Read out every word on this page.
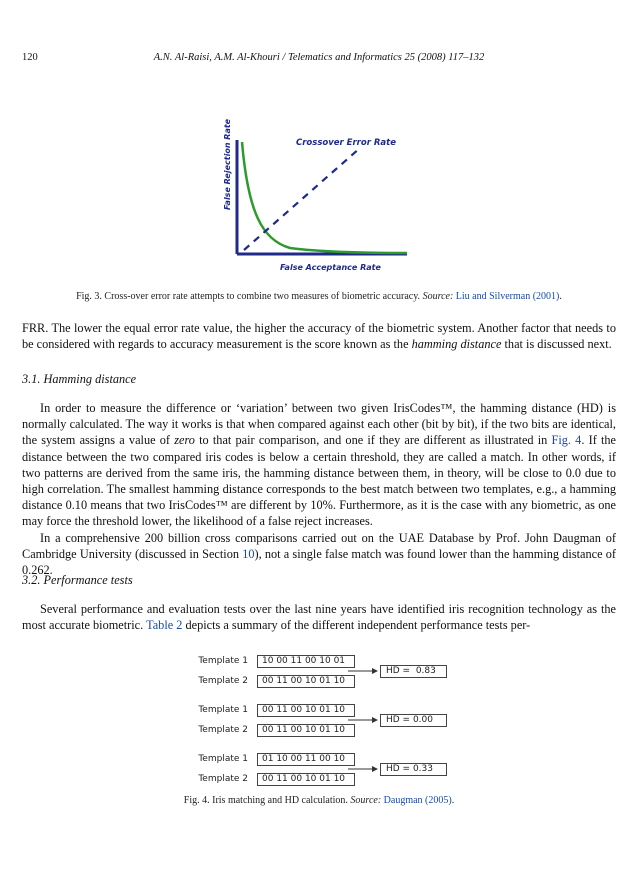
120	A.N. Al-Raisi, A.M. Al-Khouri / Telematics and Informatics 25 (2008) 117–132
Crossover Error Rate
False Rejection Rate
False Acceptance Rate
Fig. 3. Cross-over error rate attempts to combine two measures of biometric accuracy. Source: Liu and Silverman (2001).

FRR. The lower the equal error rate value, the higher the accuracy of the biometric system. Another factor that needs to be considered with regards to accuracy measurement is the score known as the hamming distance that is discussed next.

3.1. Hamming distance

In order to measure the difference or ‘variation’ between two given IrisCodes™, the hamming distance (HD) is normally calculated. The way it works is that when compared against each other (bit by bit), if the two bits are identical, the system assigns a value of zero to that pair comparison, and one if they are different as illustrated in Fig. 4. If the distance between the two compared iris codes is below a certain threshold, they are called a match. In other words, if two patterns are derived from the same iris, the hamming distance between them, in theory, will be close to 0.0 due to high correlation. The smallest hamming distance corresponds to the best match between two templates, e.g., a hamming distance 0.10 means that two IrisCodes™ are different by 10%. Furthermore, as it is the case with any biometric, as one may force the threshold lower, the likelihood of a false reject increases.

In a comprehensive 200 billion cross comparisons carried out on the UAE Database by Prof. John Daugman of Cambridge University (discussed in Section 10), not a single false match was found lower than the hamming distance of 0.262.

3.2. Performance tests

Several performance and evaluation tests over the last nine years have identified iris recognition technology as the most accurate biometric. Table 2 depicts a summary of the different independent performance tests per-

Template 1	10 00 11 00 10 01
Template 2	00 11 00 10 01 10
HD =  0.83
Template 1	00 11 00 10 01 10
Template 2	00 11 00 10 01 10
HD = 0.00
Template 1	01 10 00 11 00 10
Template 2	00 11 00 10 01 10
HD = 0.33
Fig. 4. Iris matching and HD calculation. Source: Daugman (2005).
